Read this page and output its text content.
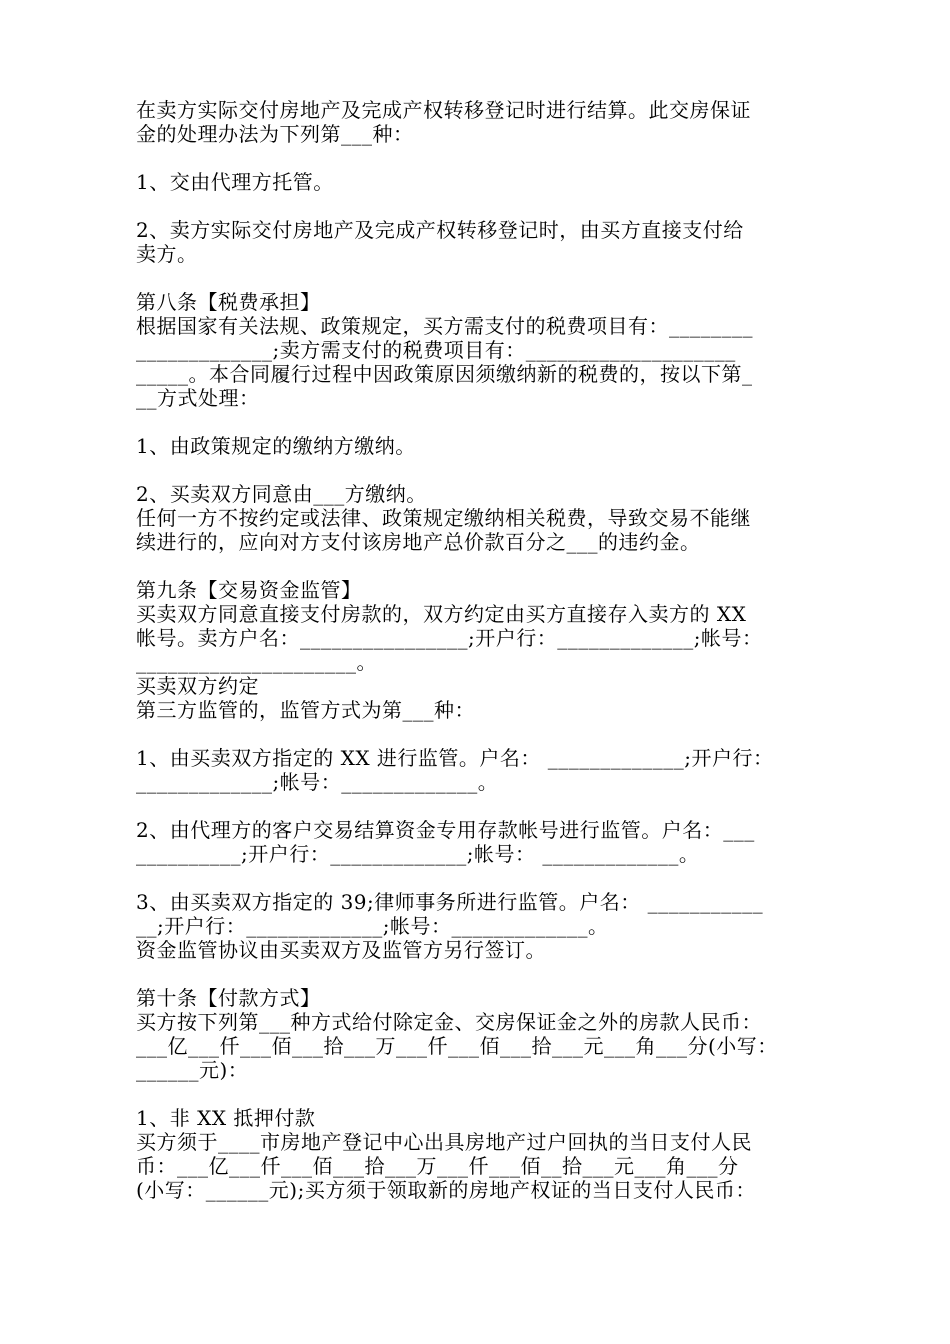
在卖方实际交付房地产及完成产权转移登记时进行结算。此交房保证
金的处理办法为下列第___种：
1、交由代理方托管。
2、卖方实际交付房地产及完成产权转移登记时，由买方直接支付给
卖方。
第八条【税费承担】
根据国家有关法规、政策规定，买方需支付的税费项目有：________
_____________;卖方需支付的税费项目有：____________________
_____。本合同履行过程中因政策原因须缴纳新的税费的，按以下第_
__方式处理：
1、由政策规定的缴纳方缴纳。
2、买卖双方同意由___方缴纳。
任何一方不按约定或法律、政策规定缴纳相关税费，导致交易不能继
续进行的，应向对方支付该房地产总价款百分之___的违约金。
第九条【交易资金监管】
买卖双方同意直接支付房款的，双方约定由买方直接存入卖方的 XX
帐号。卖方户名：________________;开户行：_____________;帐号：
_____________________。
买卖双方约定
第三方监管的，监管方式为第___种：
1、由买卖双方指定的 XX 进行监管。户名： _____________;开户行：
_____________;帐号：_____________。
2、由代理方的客户交易结算资金专用存款帐号进行监管。户名：___
__________;开户行：_____________;帐号： _____________。
3、由买卖双方指定的 39;律师事务所进行监管。户名： ___________
__;开户行：_____________;帐号：_____________。
资金监管协议由买卖双方及监管方另行签订。
第十条【付款方式】
买方按下列第___种方式给付除定金、交房保证金之外的房款人民币：
___亿___仟___佰___拾___万___仟___佰___拾___元___角___分(小写：
______元)：
1、非 XX 抵押付款
买方须于____市房地产登记中心出具房地产过户回执的当日支付人民
币：___亿___仟___佰___拾___万___仟___佰__拾___元___角___分
(小写：______元);买方须于领取新的房地产权证的当日支付人民币：
